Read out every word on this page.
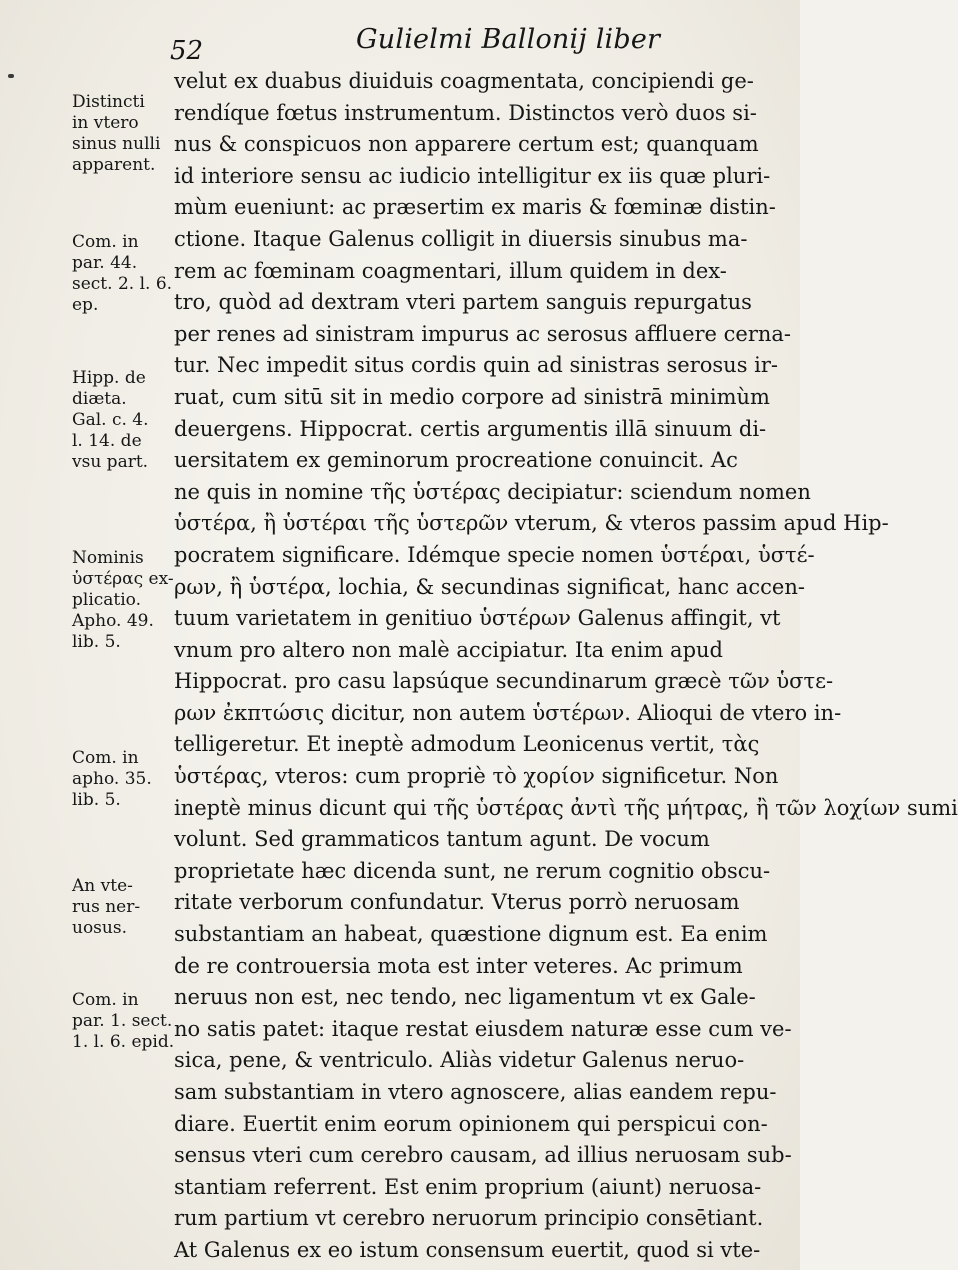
52	Gulielmi Ballonij liber
Distincti
in vtero
sinus nulli
apparent.
Com. in
par. 44.
sect. 2. l. 6.
ep.
Hipp. de
diæta.
Gal. c. 4.
l. 14. de
vsu part.
Nominis
ὑστέρας ex-
plicatio.
Apho. 49.
lib. 5.
Com. in
apho. 35.
lib. 5.
An vte-
rus ner-
uosus.
Com. in
par. 1. sect.
1. l. 6. epid.
velut ex duabus diuiduis coagmentata, concipiendi ge-
rendíque fœtus instrumentum. Distinctos verò duos si-
nus & conspicuos non apparere certum est; quanquam
id interiore sensu ac iudicio intelligitur ex iis quæ pluri-
mùm eueniunt: ac præsertim ex maris & fœminæ distin-
ctione. Itaque Galenus colligit in diuersis sinubus ma-
rem ac fœminam coagmentari, illum quidem in dex-
tro, quòd ad dextram vteri partem sanguis repurgatus
per renes ad sinistram impurus ac serosus affluere cerna-
tur. Nec impedit situs cordis quin ad sinistras serosus ir-
ruat, cum sitū sit in medio corpore ad sinistrā minimùm
deuergens. Hippocrat. certis argumentis illā sinuum di-
uersitatem ex geminorum procreatione conuincit. Ac
ne quis in nomine τῆς ὑστέρας decipiatur: sciendum nomen
ὑστέρα, ἢ ὑστέραι τῆς ὑστερῶν vterum, & vteros passim apud Hip-
pocratem significare. Idémque specie nomen ὑστέραι, ὑστέ-
ρων, ἢ ὑστέρα, lochia, & secundinas significat, hanc accen-
tuum varietatem in genitiuo ὑστέρων Galenus affingit, vt
vnum pro altero non malè accipiatur. Ita enim apud
Hippocrat. pro casu lapsúque secundinarum græcè τῶν ὑστε-
ρων ἐκπτώσις dicitur, non autem ὑστέρων. Alioqui de vtero in-
telligeretur. Et ineptè admodum Leonicenus vertit, τὰς
ὑστέρας, vteros: cum propriè τὸ χορίον significetur. Non
ineptè minus dicunt qui τῆς ὑστέρας ἀντὶ τῆς μήτρας, ἢ τῶν λοχίων sumi
volunt. Sed grammaticos tantum agunt. De vocum
proprietate hæc dicenda sunt, ne rerum cognitio obscu-
ritate verborum confundatur. Vterus porrò neruosam
substantiam an habeat, quæstione dignum est. Ea enim
de re controuersia mota est inter veteres. Ac primum
neruus non est, nec tendo, nec ligamentum vt ex Gale-
no satis patet: itaque restat eiusdem naturæ esse cum ve-
sica, pene, & ventriculo. Aliàs videtur Galenus neruo-
sam substantiam in vtero agnoscere, alias eandem repu-
diare. Euertit enim eorum opinionem qui perspicui con-
sensus vteri cum cerebro causam, ad illius neruosam sub-
stantiam referrent. Est enim proprium (aiunt) neruosa-
rum partium vt cerebro neruorum principio consētiant.
At Galenus ex eo istum consensum euertit, quod si vte-
